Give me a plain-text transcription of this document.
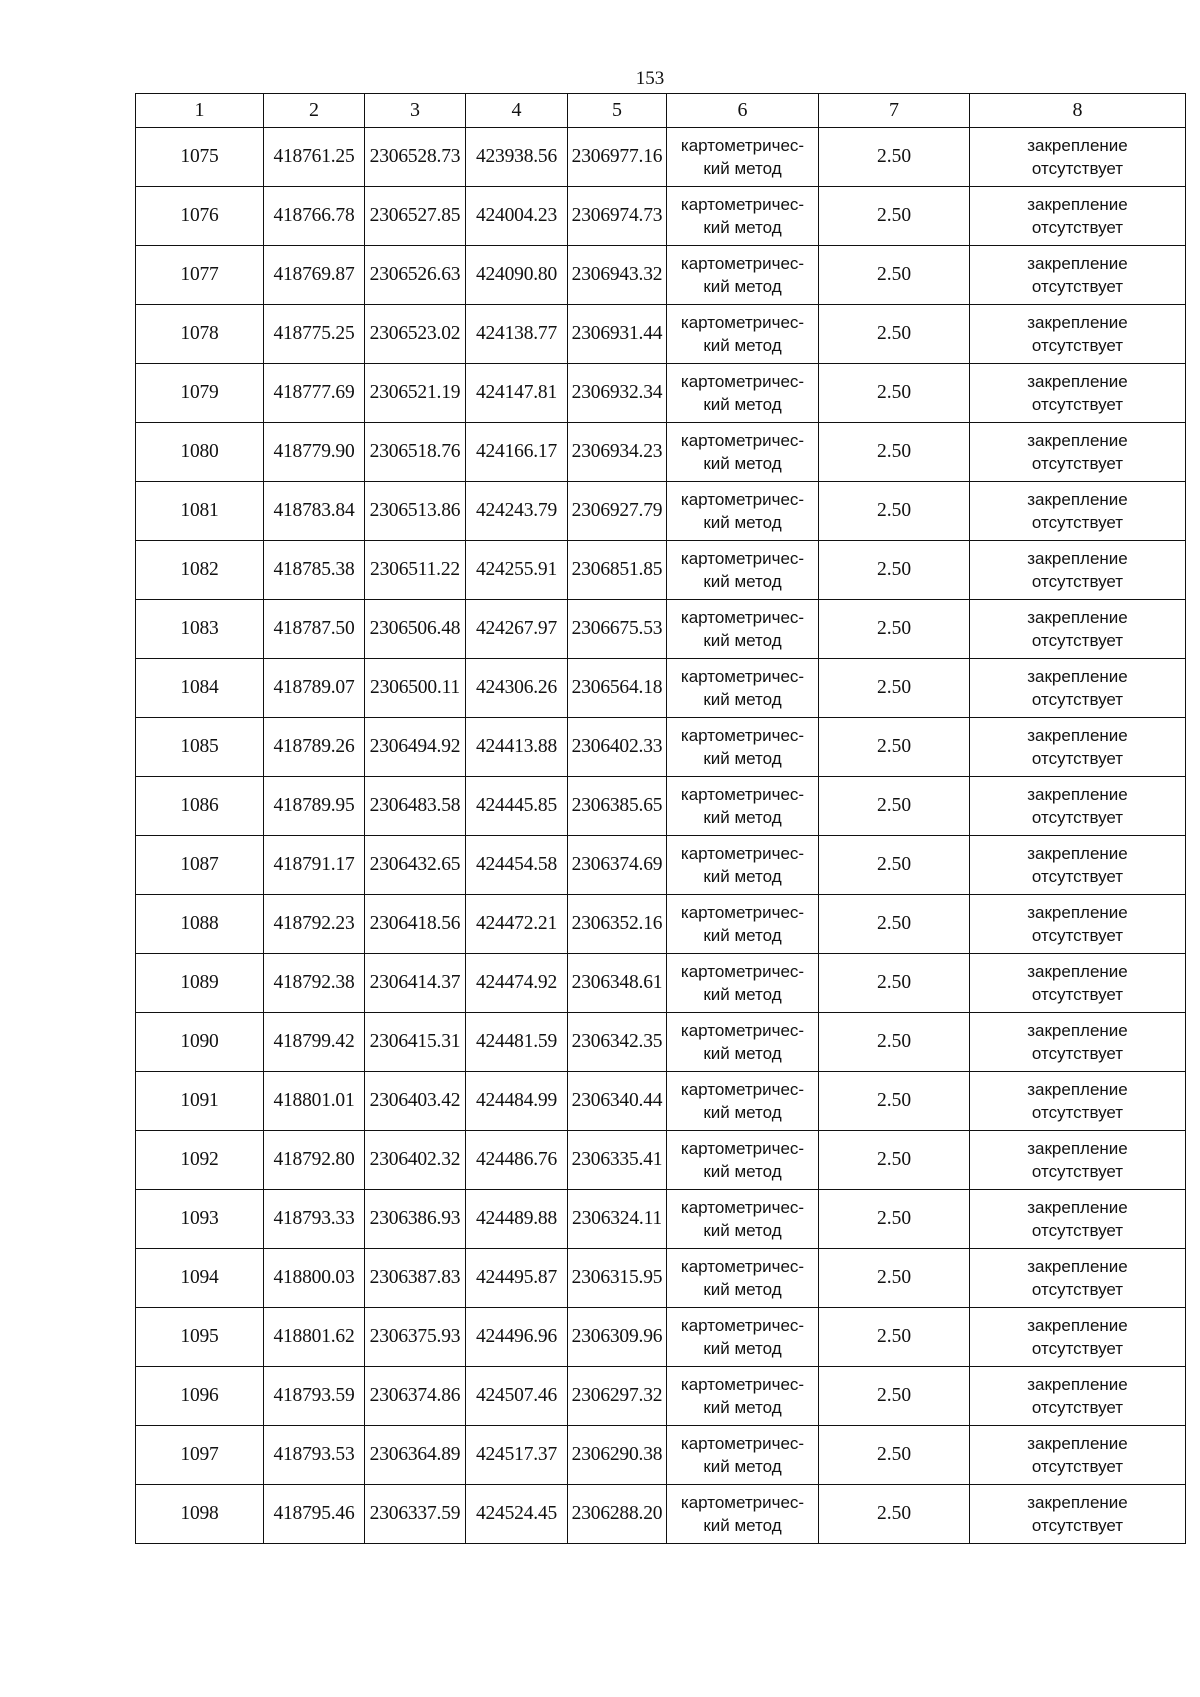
153
1	2	3	4	5	6	7	8
1075	418761.25	2306528.73	423938.56	2306977.16	картометричес-
кий метод	2.50	закрепление
отсутствует

1076	418766.78	2306527.85	424004.23	2306974.73	картометричес-
кий метод	2.50	закрепление
отсутствует

1077	418769.87	2306526.63	424090.80	2306943.32	картометричес-
кий метод	2.50	закрепление
отсутствует

1078	418775.25	2306523.02	424138.77	2306931.44	картометричес-
кий метод	2.50	закрепление
отсутствует

1079	418777.69	2306521.19	424147.81	2306932.34	картометричес-
кий метод	2.50	закрепление
отсутствует

1080	418779.90	2306518.76	424166.17	2306934.23	картометричес-
кий метод	2.50	закрепление
отсутствует

1081	418783.84	2306513.86	424243.79	2306927.79	картометричес-
кий метод	2.50	закрепление
отсутствует

1082	418785.38	2306511.22	424255.91	2306851.85	картометричес-
кий метод	2.50	закрепление
отсутствует

1083	418787.50	2306506.48	424267.97	2306675.53	картометричес-
кий метод	2.50	закрепление
отсутствует

1084	418789.07	2306500.11	424306.26	2306564.18	картометричес-
кий метод	2.50	закрепление
отсутствует

1085	418789.26	2306494.92	424413.88	2306402.33	картометричес-
кий метод	2.50	закрепление
отсутствует

1086	418789.95	2306483.58	424445.85	2306385.65	картометричес-
кий метод	2.50	закрепление
отсутствует

1087	418791.17	2306432.65	424454.58	2306374.69	картометричес-
кий метод	2.50	закрепление
отсутствует

1088	418792.23	2306418.56	424472.21	2306352.16	картометричес-
кий метод	2.50	закрепление
отсутствует

1089	418792.38	2306414.37	424474.92	2306348.61	картометричес-
кий метод	2.50	закрепление
отсутствует

1090	418799.42	2306415.31	424481.59	2306342.35	картометричес-
кий метод	2.50	закрепление
отсутствует

1091	418801.01	2306403.42	424484.99	2306340.44	картометричес-
кий метод	2.50	закрепление
отсутствует

1092	418792.80	2306402.32	424486.76	2306335.41	картометричес-
кий метод	2.50	закрепление
отсутствует

1093	418793.33	2306386.93	424489.88	2306324.11	картометричес-
кий метод	2.50	закрепление
отсутствует

1094	418800.03	2306387.83	424495.87	2306315.95	картометричес-
кий метод	2.50	закрепление
отсутствует

1095	418801.62	2306375.93	424496.96	2306309.96	картометричес-
кий метод	2.50	закрепление
отсутствует

1096	418793.59	2306374.86	424507.46	2306297.32	картометричес-
кий метод	2.50	закрепление
отсутствует

1097	418793.53	2306364.89	424517.37	2306290.38	картометричес-
кий метод	2.50	закрепление
отсутствует

1098	418795.46	2306337.59	424524.45	2306288.20	картометричес-
кий метод	2.50	закрепление
отсутствует
